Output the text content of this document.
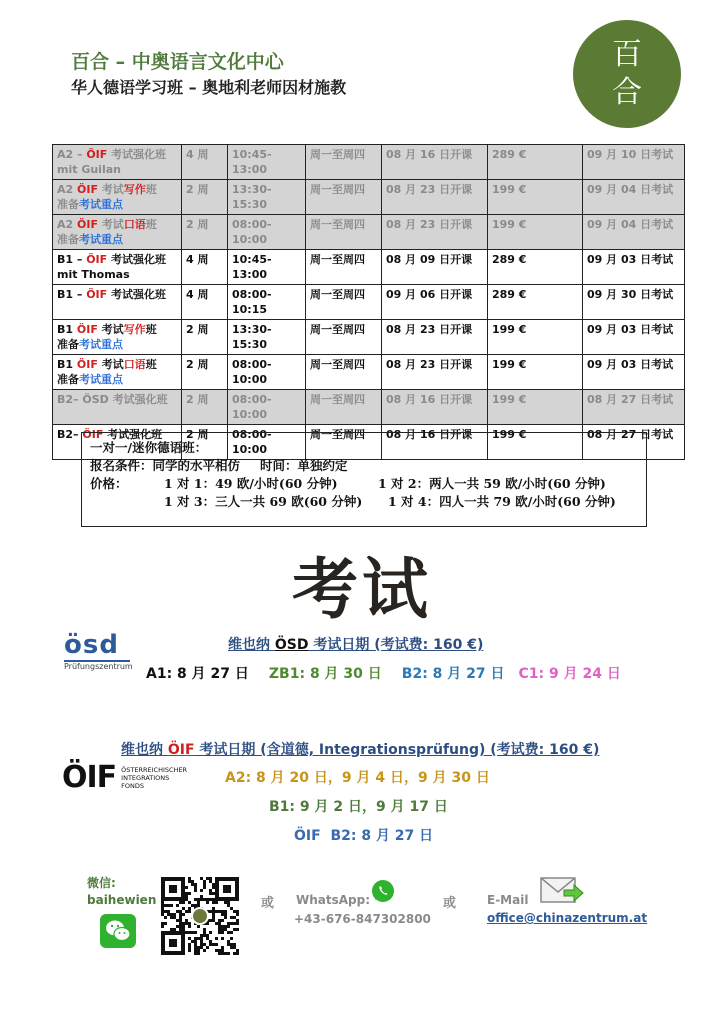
百合 – 中奥语言文化中心
华人德语学习班 – 奥地利老师因材施教
百
合
A2 – ÖIF 考试强化班
mit Guilan	4 周	10:45-13:00	周一至周四	08 月 16 日开课	289 €	09 月 10 日考试

A2 ÖIF 考试写作班
准备考试重点	2 周	13:30-15:30	周一至周四	08 月 23 日开课	199 €	09 月 04 日考试

A2 ÖIF 考试口语班
准备考试重点	2 周	08:00-10:00	周一至周四	08 月 23 日开课	199 €	09 月 04 日考试

B1 – ÖIF 考试强化班
mit Thomas	4 周	10:45-13:00	周一至周四	08 月 09 日开课	289 €	09 月 03 日考试

B1 – ÖIF 考试强化班	4 周	08:00-10:15	周一至周四	09 月 06 日开课	289 €	09 月 30 日考试

B1 ÖIF 考试写作班
准备考试重点	2 周	13:30-15:30	周一至周四	08 月 23 日开课	199 €	09 月 03 日考试

B1 ÖIF 考试口语班
准备考试重点	2 周	08:00-10:00	周一至周四	08 月 23 日开课	199 €	09 月 03 日考试

B2– ÖSD 考试强化班	2 周	08:00-10:00	周一至周四	08 月 16 日开课	199 €	08 月 27 日考试

B2– ÖIF 考试强化班	2 周	08:00-10:00	周一至周四	08 月 16 日开课	199 €	08 月 27 日考试
一对一/迷你德语班：
报名条件：同学的水平相仿 时间：单独约定
价格：	1 对 1：49 欧/小时(60 分钟)	1 对 2：两人一共 59 欧/小时(60 分钟)
1 对 3：三人一共 69 欧(60 分钟) 1 对 4：四人一共 79 欧/小时(60 分钟)
考试
ösd
Prüfungszentrum
维也纳 ÖSD 考试日期 (考试费: 160 €)
A1: 8 月 27 日 ZB1: 8 月 30 日 B2: 8 月 27 日 C1: 9 月 24 日
维也纳 ÖIF 考试日期 (含道德, Integrationsprüfung) (考试费: 160 €)
ÖIF ÖSTERREICHISCHER
INTEGRATIONS
FONDS	A2: 8 月 20 日，9 月 4 日，9 月 30 日
B1: 9 月 2 日，9 月 17 日
ÖIF B2: 8 月 27 日
微信:
baihewien	或 WhatsApp:
+43-676-847302800
或	E-Mail
office@chinazentrum.at
